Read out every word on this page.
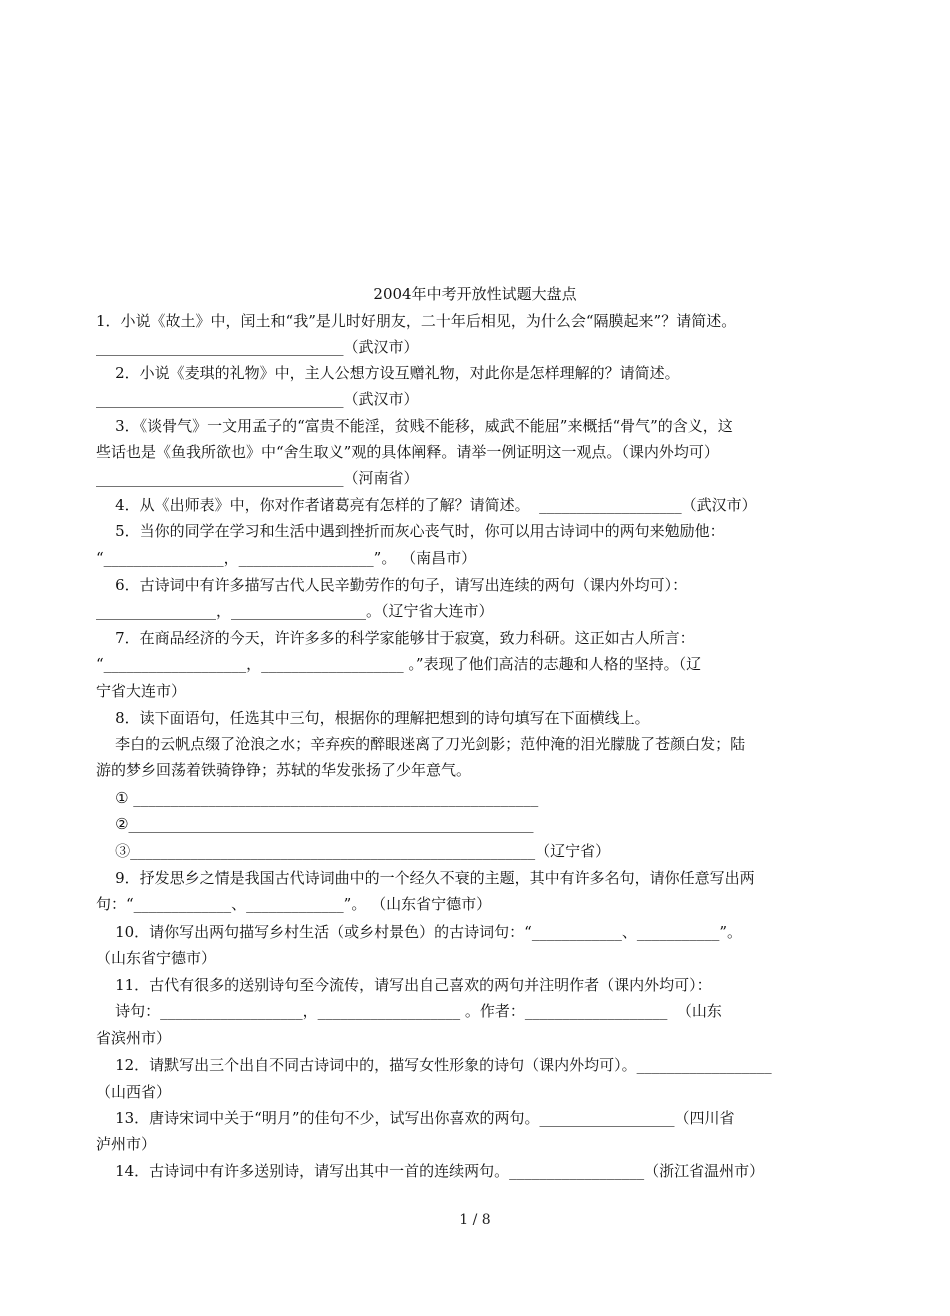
2004年中考开放性试题大盘点
1．小说《故土》中，闰土和“我”是儿时好朋友，二十年后相见，为什么会“隔膜起来”？请简述。
_________________________________（武汉市）
2．小说《麦琪的礼物》中，主人公想方设互赠礼物，对此你是怎样理解的？请简述。
_________________________________（武汉市）
3．《谈骨气》一文用孟子的“富贵不能淫，贫贱不能移，威武不能屈”来概括“骨气”的含义，这
些话也是《鱼我所欲也》中“舍生取义”观的具体阐释。请举一例证明这一观点。（课内外均可）
_________________________________（河南省）
4．从《出师表》中，你对作者诸葛亮有怎样的了解？请简述。  ___________________（武汉市）
5．当你的同学在学习和生活中遇到挫折而灰心丧气时，你可以用古诗词中的两句来勉励他：
“________________，__________________”。 （南昌市）
6．古诗词中有许多描写古代人民辛勤劳作的句子，请写出连续的两句（课内外均可）：
________________，__________________。（辽宁省大连市）
7．在商品经济的今天，许许多多的科学家能够甘于寂寞，致力科研。这正如古人所言：
“___________________，___________________ 。”表现了他们高洁的志趣和人格的坚持。（辽
宁省大连市）
8．读下面语句，任选其中三句，根据你的理解把想到的诗句填写在下面横线上。
李白的云帆点缀了沧浪之水；辛弃疾的醉眼迷离了刀光剑影；范仲淹的泪光朦胧了苍颜白发；陆
游的梦乡回荡着铁骑铮铮；苏轼的华发张扬了少年意气。
① ______________________________________________________
②______________________________________________________
③______________________________________________________（辽宁省）
9．抒发思乡之情是我国古代诗词曲中的一个经久不衰的主题，其中有许多名句，请你任意写出两
句：“_____________、_____________”。 （山东省宁德市）
10．请你写出两句描写乡村生活（或乡村景色）的古诗词句：“____________、___________”。
（山东省宁德市）
11．古代有很多的送别诗句至今流传，请写出自己喜欢的两句并注明作者（课内外均可）：
诗句：___________________，___________________ 。作者：___________________  （山东
省滨州市）
12．请默写出三个出自不同古诗词中的，描写女性形象的诗句（课内外均可）。__________________
（山西省）
13．唐诗宋词中关于“明月”的佳句不少，试写出你喜欢的两句。__________________（四川省
泸州市）
14．古诗词中有许多送别诗，请写出其中一首的连续两句。__________________（浙江省温州市）
1 / 8
